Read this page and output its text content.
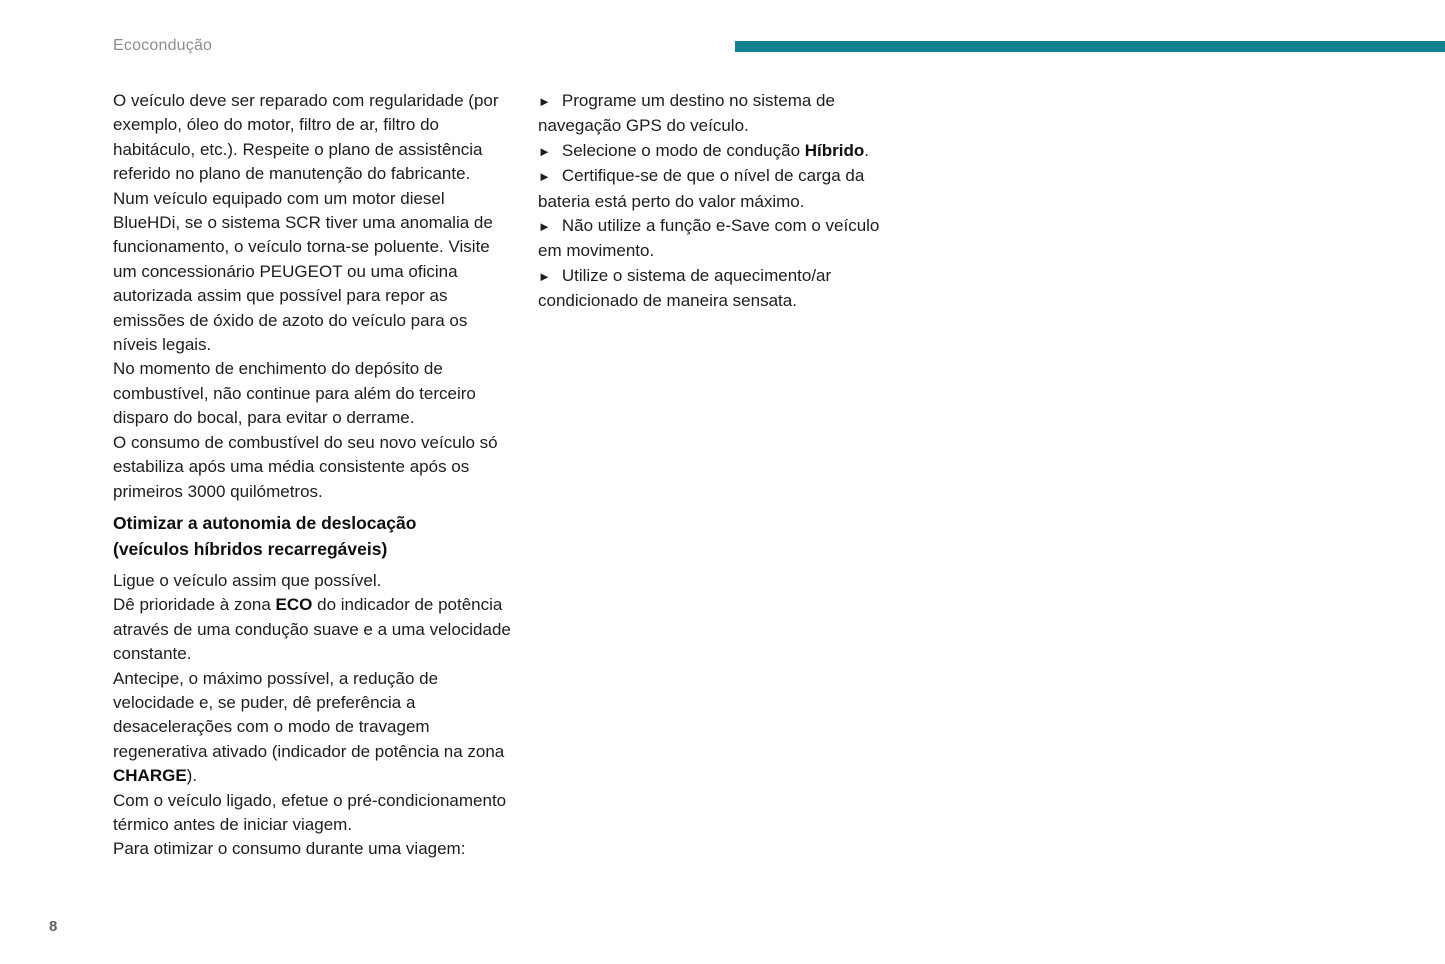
Ecocondução

O veículo deve ser reparado com regularidade (por exemplo, óleo do motor, filtro de ar, filtro do habitáculo, etc.). Respeite o plano de assistência referido no plano de manutenção do fabricante.

Num veículo equipado com um motor diesel BlueHDi, se o sistema SCR tiver uma anomalia de funcionamento, o veículo torna-se poluente. Visite um concessionário PEUGEOT ou uma oficina autorizada assim que possível para repor as emissões de óxido de azoto do veículo para os níveis legais.

No momento de enchimento do depósito de combustível, não continue para além do terceiro disparo do bocal, para evitar o derrame.

O consumo de combustível do seu novo veículo só estabiliza após uma média consistente após os primeiros 3000 quilómetros.

Otimizar a autonomia de deslocação
(veículos híbridos recarregáveis)

Ligue o veículo assim que possível.

Dê prioridade à zona ECO do indicador de potência através de uma condução suave e a uma velocidade constante.

Antecipe, o máximo possível, a redução de velocidade e, se puder, dê preferência a desacelerações com o modo de travagem regenerativa ativado (indicador de potência na zona CHARGE).

Com o veículo ligado, efetue o pré-condicionamento térmico antes de iniciar viagem.

Para otimizar o consumo durante uma viagem:

► Programe um destino no sistema de navegação GPS do veículo.

► Selecione o modo de condução Híbrido.

► Certifique-se de que o nível de carga da bateria está perto do valor máximo.

► Não utilize a função e-Save com o veículo em movimento.

► Utilize o sistema de aquecimento/ar condicionado de maneira sensata.

8
